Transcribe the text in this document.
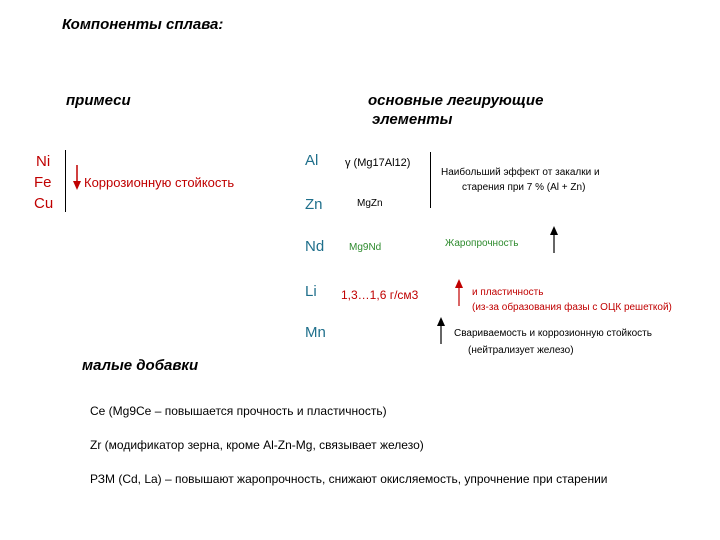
Компоненты сплава:
примеси	основные легирующие
элементы
Ni
Fe
Cu
Коррозионную стойкость
Al γ (Mg17Al12)
Zn	MgZn
Nd Mg9Nd
Li 1,3…1,6 г/см3
Mn
Наибольший эффект от закалки и
старения при 7 % (Al + Zn)
Жаропрочность
и пластичность
(из-за образования фазы с ОЦК решеткой)
Свариваемость и коррозионную стойкость
(нейтрализует железо)
малые добавки
Ce (Mg9Ce – повышается прочность и пластичность)
Zr (модификатор зерна, кроме Al-Zn-Mg, связывает железо)
РЗМ (Cd, La) – повышают жаропрочность, снижают окисляемость, упрочнение при старении
